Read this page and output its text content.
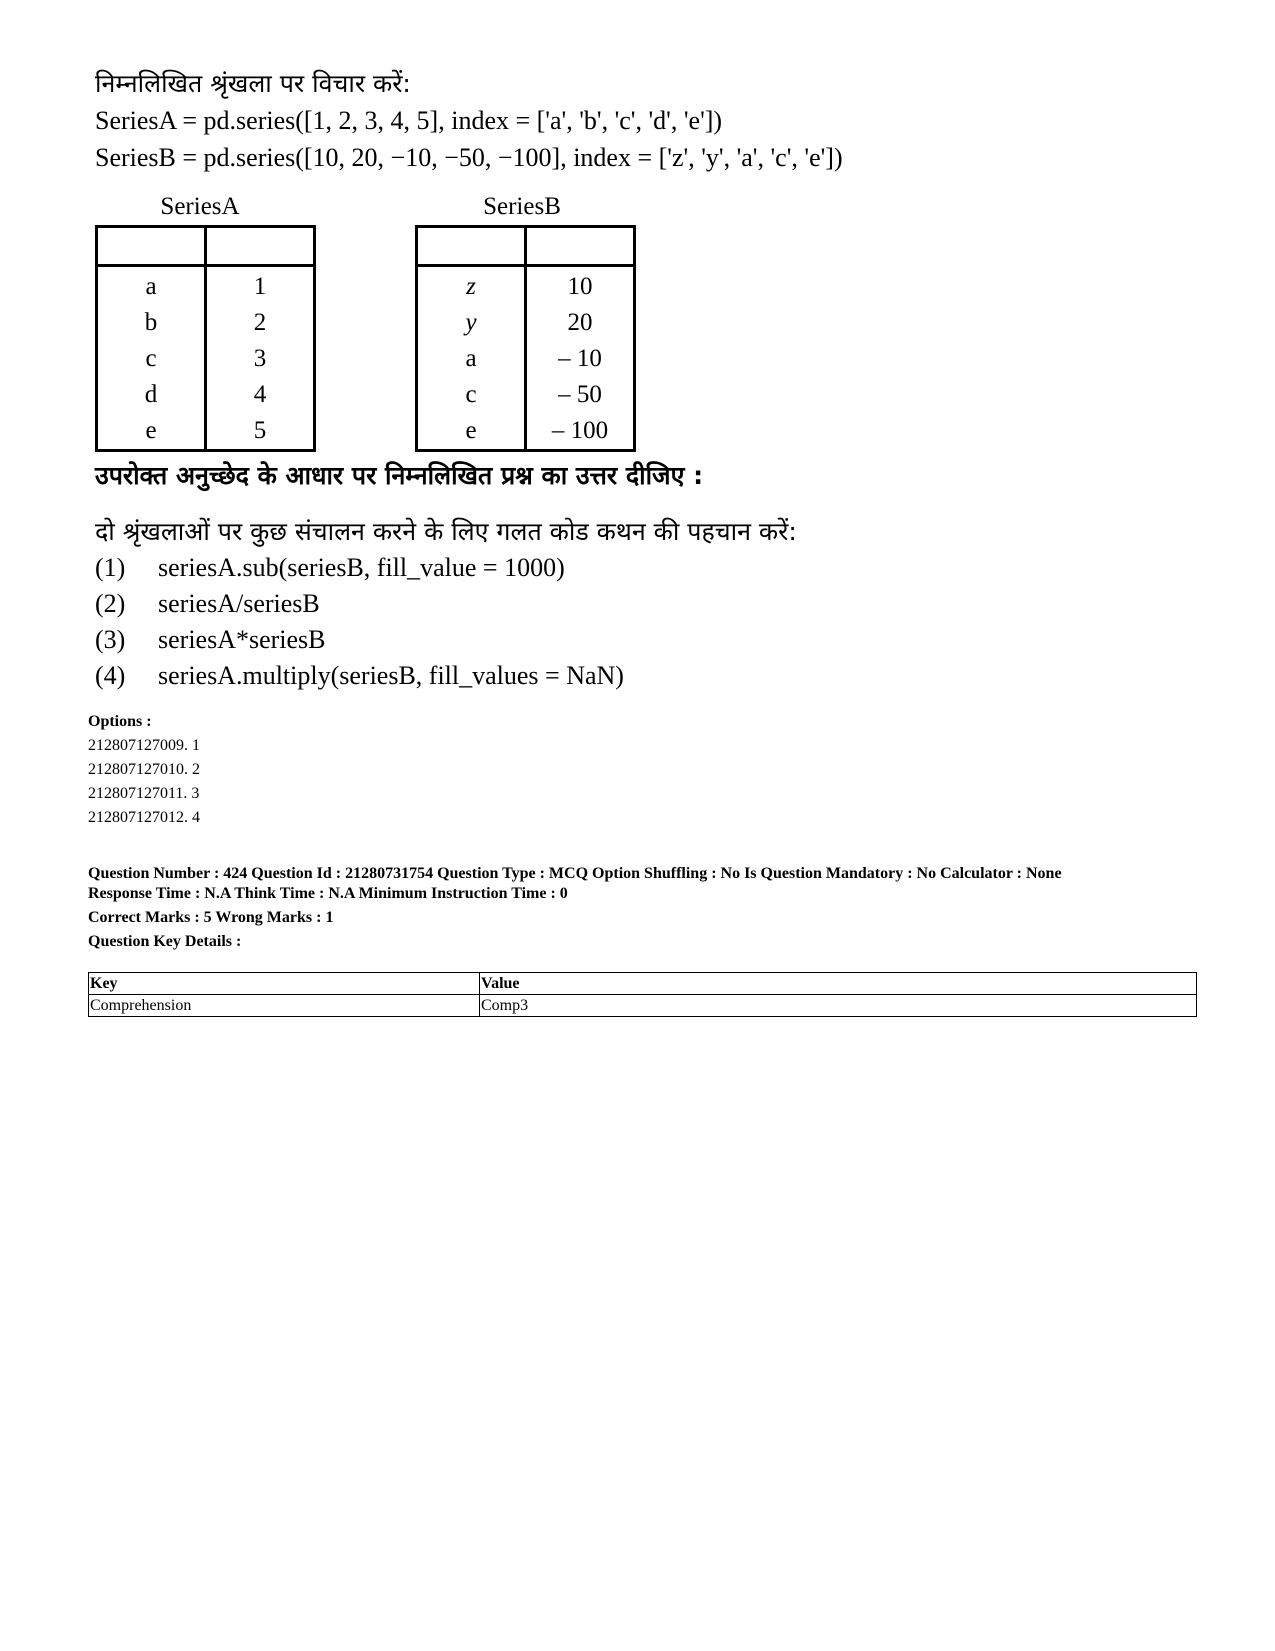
निम्नलिखित श्रृंखला पर विचार करें:
SeriesA = pd.series([1, 2, 3, 4, 5], index = ['a', 'b', 'c', 'd', 'e'])
SeriesB = pd.series([10, 20, −10, −50, −100], index = ['z', 'y', 'a', 'c', 'e'])
SeriesA

a	1
b	2
c	3
d	4
e	5
SeriesB

z	10
y	20
a	– 10
c	– 50
e	– 100
उपरोक्त अनुच्छेद के आधार पर निम्नलिखित प्रश्न का उत्तर दीजिए :
दो श्रृंखलाओं पर कुछ संचालन करने के लिए गलत कोड कथन की पहचान करें:
(1) seriesA.sub(seriesB, fill_value = 1000)
(2) seriesA/seriesB
(3) seriesA*seriesB
(4) seriesA.multiply(seriesB, fill_values = NaN)
Options :
212807127009. 1
212807127010. 2
212807127011. 3
212807127012. 4
Question Number : 424 Question Id : 21280731754 Question Type : MCQ Option Shuffling : No Is Question Mandatory : No Calculator : None
Response Time : N.A Think Time : N.A Minimum Instruction Time : 0
Correct Marks : 5 Wrong Marks : 1
Question Key Details :
Key	Value
Comprehension	Comp3
